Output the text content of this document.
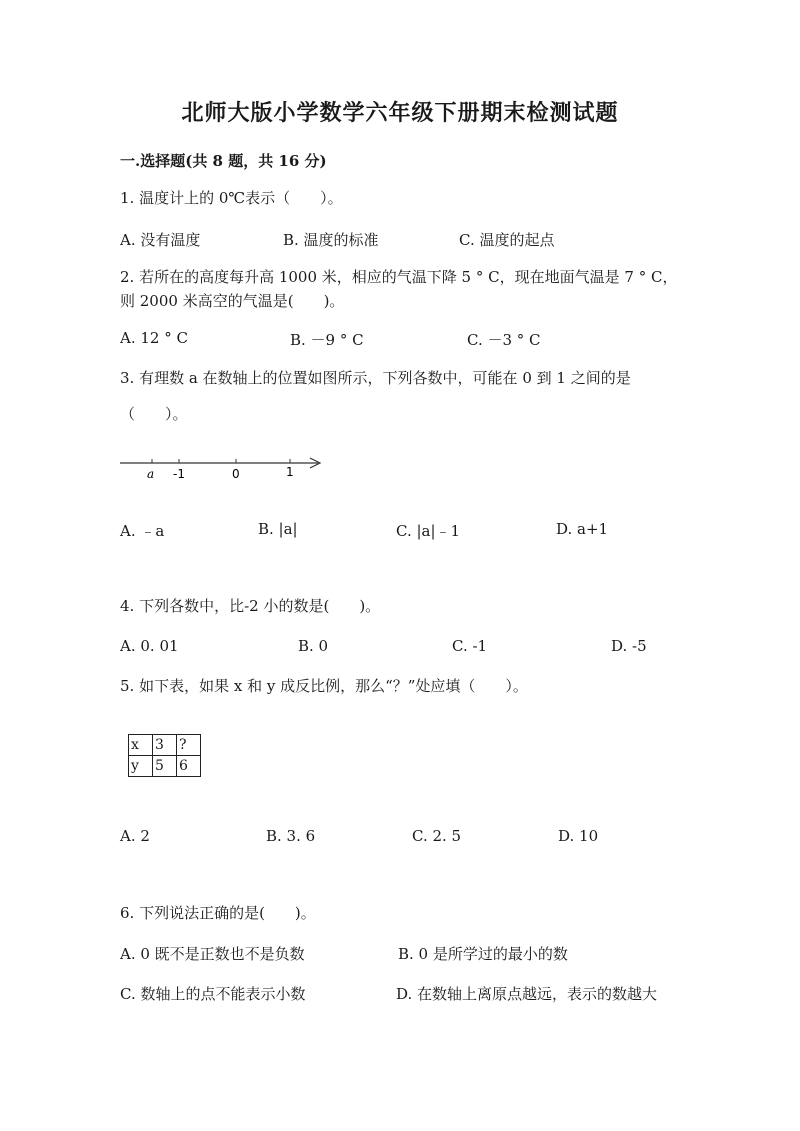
北师大版小学数学六年级下册期末检测试题
一.选择题(共 8 题，共 16 分)
1. 温度计上的 0℃表示（　　）。
A. 没有温度	B. 温度的标准	C. 温度的起点
2. 若所在的高度每升高 1000 米，相应的气温下降 5 ° C，现在地面气温是 7 ° C，则 2000 米高空的气温是(　　)。
A. 12 ° C	B. －9 ° C	C. －3 ° C
3. 有理数 a 在数轴上的位置如图所示，下列各数中，可能在 0 到 1 之间的是
（　　）。
a -1	0	1
A. ﹣a	B. |a|	C. |a|﹣1	D. a+1
4. 下列各数中，比-2 小的数是(　　)。
A. 0. 01	B. 0	C. -1	D. -5
5. 如下表，如果 x 和 y 成反比例，那么“？”处应填（　　）。
x	3	?
y	5	6
A. 2	B. 3. 6	C. 2. 5	D. 10
6. 下列说法正确的是(　　)。
A. 0 既不是正数也不是负数	B. 0 是所学过的最小的数
C. 数轴上的点不能表示小数	D. 在数轴上离原点越远，表示的数越大
